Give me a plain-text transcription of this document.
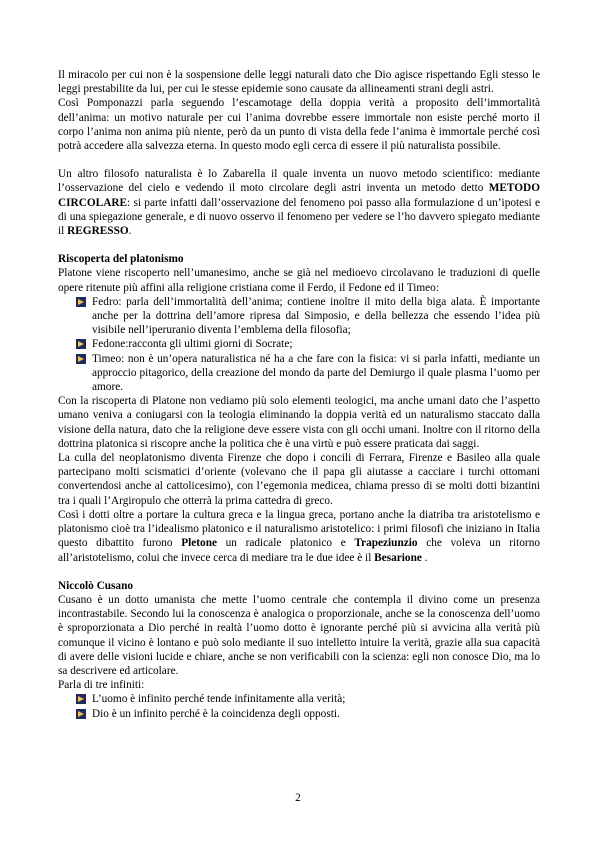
Il miracolo per cui non è la sospensione delle leggi naturali dato che Dio agisce rispettando Egli stesso le leggi prestabilite da lui, per cui le stesse epidemie sono causate da allineamenti strani degli astri.

Così Pomponazzi parla seguendo l’escamotage della doppia verità a proposito dell’immortalità dell’anima: un motivo naturale per cui l’anima dovrebbe essere immortale non esiste perché morto il corpo l’anima non anima più niente, però da un punto di vista della fede l’anima è immortale perché così potrà accedere alla salvezza eterna. In questo modo egli cerca di essere il più naturalista possibile.

Un altro filosofo naturalista è lo Zabarella il quale inventa un nuovo metodo scientifico: mediante l’osservazione del cielo e vedendo il moto circolare degli astri inventa un metodo detto METODO CIRCOLARE: si parte infatti dall’osservazione del fenomeno poi passo alla formulazione d un’ipotesi e di una spiegazione generale, e di nuovo osservo il fenomeno per vedere se l’ho davvero spiegato mediante il REGRESSO.

Riscoperta del platonismo

Platone viene riscoperto nell’umanesimo, anche se già nel medioevo circolavano le traduzioni di quelle opere ritenute più affini alla religione cristiana come il Ferdo, il Fedone ed il Timeo:

Fedro: parla dell’immortalità dell’anima; contiene inoltre il mito della biga alata. È importante anche per la dottrina dell’amore ripresa dal Simposio, e della bellezza che essendo l’idea più visibile nell’iperuranio diventa l’emblema della filosofia;
Fedone:racconta gli ultimi giorni di Socrate;
Timeo: non è un’opera naturalistica né ha a che fare con la fisica: vi si parla infatti, mediante un approccio pitagorico, della creazione del mondo da parte del Demiurgo il quale plasma l’uomo per amore.

Con la riscoperta di Platone non vediamo più solo elementi teologici, ma anche umani dato che l’aspetto umano veniva a coniugarsi con la teologia eliminando la doppia verità ed un naturalismo staccato dalla visione della natura, dato che la religione deve essere vista con gli occhi umani. Inoltre con il ritorno della dottrina platonica si riscopre anche la politica che è una virtù e può essere praticata dai saggi.

La culla del neoplatonismo diventa Firenze che dopo i concili di Ferrara, Firenze e Basileo alla quale partecipano molti scismatici d’oriente (volevano che il papa gli aiutasse a cacciare i turchi ottomani convertendosi anche al cattolicesimo), con l’egemonia medicea, chiama presso di se molti dotti bizantini tra i quali l’Argiropulo che otterrà la prima cattedra di greco.

Così i dotti oltre a portare la cultura greca e la lingua greca, portano anche la diatriba tra aristotelismo e platonismo cioè tra l’idealismo platonico e il naturalismo aristotelico: i primi filosofi che iniziano in Italia questo dibattito furono Pletone un radicale platonico e Trapeziunzio che voleva un ritorno all’aristotelismo, colui che invece cerca di mediare tra le due idee è il Besarione .

Niccolò Cusano

Cusano è un dotto umanista che mette l’uomo centrale che contempla il divino come un presenza incontrastabile. Secondo lui la conoscenza è analogica o proporzionale, anche se la conoscenza dell’uomo è sproporzionata a Dio perché in realtà l’uomo dotto è ignorante perché più si avvicina alla verità più comunque il vicino è lontano e può solo mediante il suo intelletto intuire la verità, grazie alla sua capacità di avere delle visioni lucide e chiare, anche se non verificabili con la scienza: egli non conosce Dio, ma lo sa descrivere ed articolare.

Parla di tre infiniti:

L’uomo è infinito perché tende infinitamente alla verità;
Dio è un infinito perché è la coincidenza degli opposti.
2
